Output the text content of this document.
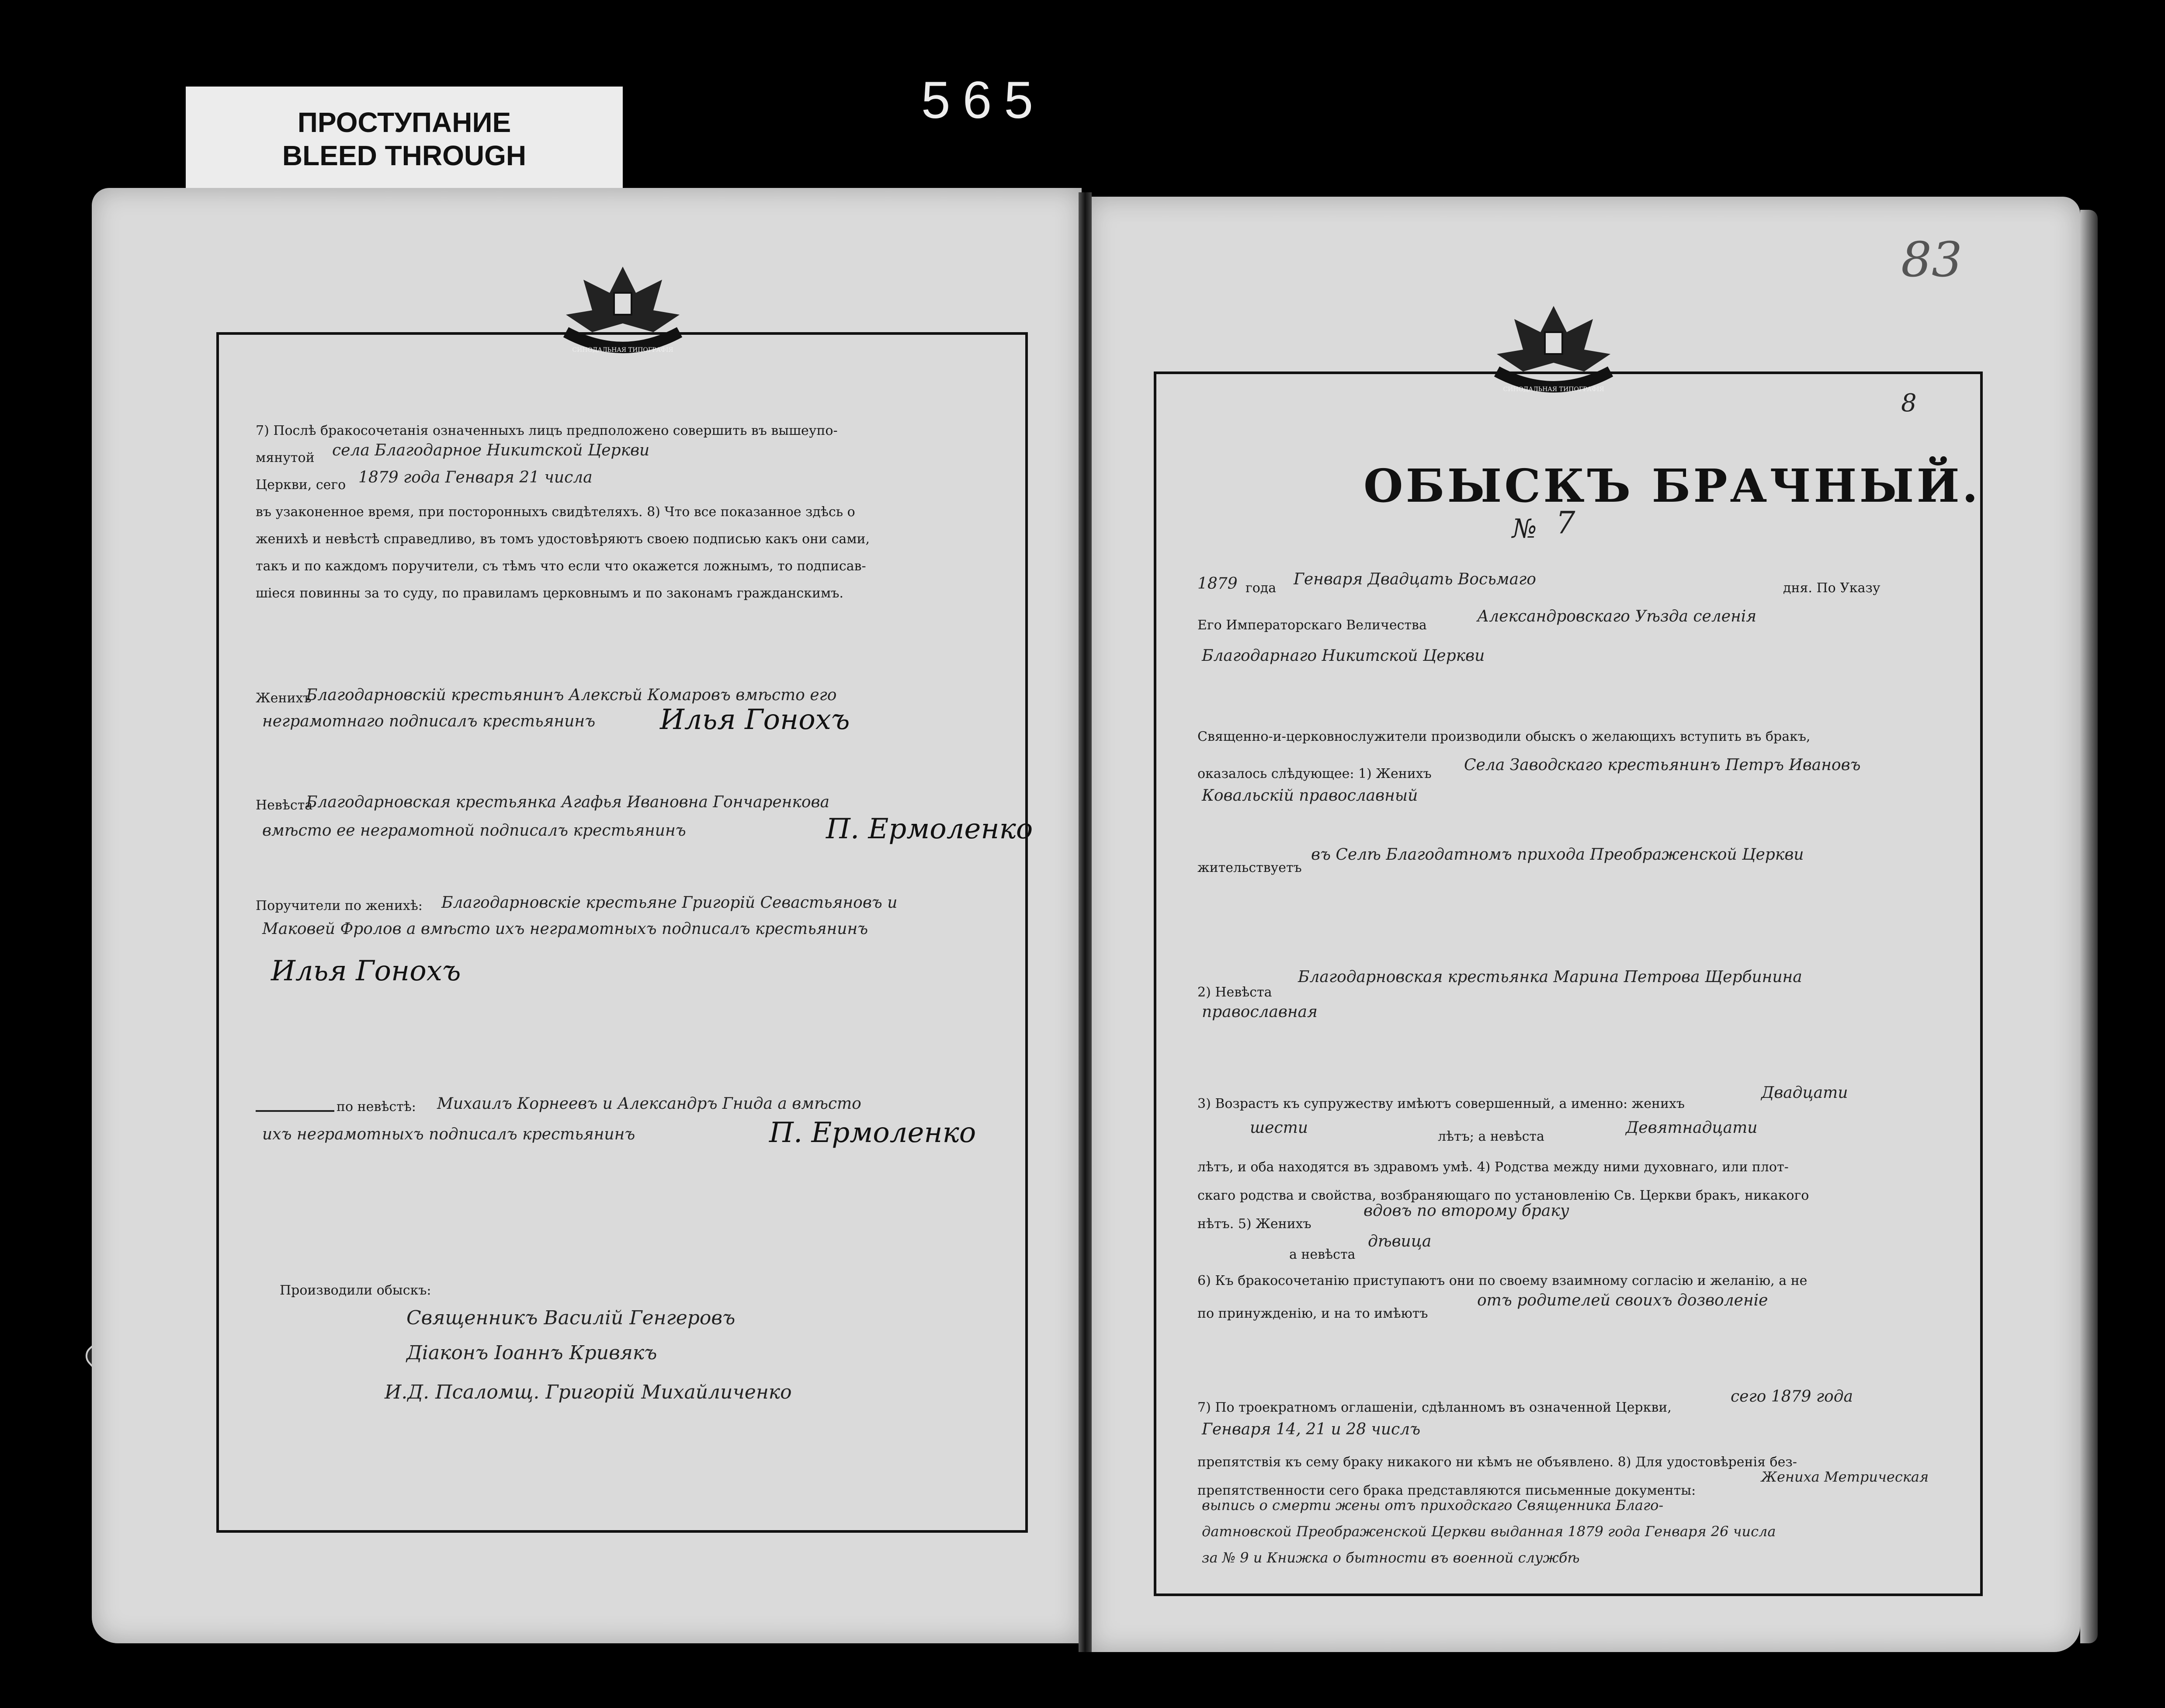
ПРОСТУПАНИЕ
BLEED THROUGH
565
СИНОДАЛЬНАЯ ТИПОГРАФІЯ
СИНОДАЛЬНАЯ ТИПОГРАФІЯ
7) Послѣ бракосочетанія означенныхъ лицъ предположено совершить въ вышеупо-
мянутой села Благодарное Никитской Церкви
Церкви, сего 1879 года Генваря 21 числа
въ узаконенное время, при посторонныхъ свидѣтеляхъ. 8) Что все показанное здѣсь о
женихѣ и невѣстѣ справедливо, въ томъ удостовѣряютъ своею подписью какъ они сами,
такъ и по каждомъ поручители, съ тѣмъ что если что окажется ложнымъ, то подписав-
шіеся повинны за то суду, по правиламъ церковнымъ и по законамъ гражданскимъ.
Женихъ
Благодарновскій крестьянинъ Алексѣй Комаровъ вмѣсто его
неграмотнаго подписалъ крестьянинъ Илья Гонохъ
Невѣста
Благодарновская крестьянка Агафья Ивановна Гончаренкова
вмѣсто ее неграмотной подписалъ крестьянинъ	П. Ермоленко
Поручители по женихѣ: Благодарновскіе крестьяне Григорій Севастьяновъ и
Маковей Фролов а вмѣсто ихъ неграмотныхъ подписалъ крестьянинъ
Илья Гонохъ
по невѣстѣ: Михаилъ Корнеевъ и Александръ Гнида а вмѣсто
ихъ неграмотныхъ подписалъ крестьянинъ	П. Ермоленко
Производили обыскъ:
Священникъ Василій Генгеровъ
Діаконъ Іоаннъ Кривякъ
И.Д. Псаломщ. Григорій Михайличенко
83
8
ОБЫСКЪ БРАЧНЫЙ.
№ 7
1879 года Генваря Двадцать Восьмаго	дня. По Указу
Его Императорскаго Величества	Александровскаго Уѣзда селенія
Благодарнаго Никитской Церкви
Священно-и-церковнослужители производили обыскъ о желающихъ вступить въ бракъ,
оказалось слѣдующее: 1) Женихъ Села Заводскаго крестьянинъ Петръ Ивановъ
Ковальскій православный
жительствуетъ
въ Селѣ Благодатномъ прихода Преображенской Церкви
2) Невѣста
Благодарновская крестьянка Марина Петрова Щербинина
православная
3) Возрастъ къ супружеству имѣютъ совершенный, а именно: женихъ
Двадцати
шести	лѣтъ; а невѣста	Девятнадцати
лѣтъ, и оба находятся въ здравомъ умѣ. 4) Родства между ними духовнаго, или плот-
скаго родства и свойства, возбраняющаго по установленію Св. Церкви бракъ, никакого
нѣтъ. 5) Женихъ
вдовъ по второму браку
а невѣста
дѣвица
6) Къ бракосочетанію приступаютъ они по своему взаимному согласію и желанію, а не
по принужденію, и на то имѣютъ
отъ родителей своихъ дозволеніе
7) По троекратномъ оглашеніи, сдѣланномъ въ означенной Церкви,
сего 1879 года
Генваря 14, 21 и 28 числъ
препятствія къ сему браку никакого ни кѣмъ не объявлено. 8) Для удостовѣренія без-
препятственности сего брака представляются письменные документы:
Жениха Метрическая
выпись о смерти жены отъ приходскаго Священника Благо-
датновской Преображенской Церкви выданная 1879 года Генваря 26 числа
за № 9 и Книжка о бытности въ военной службѣ
